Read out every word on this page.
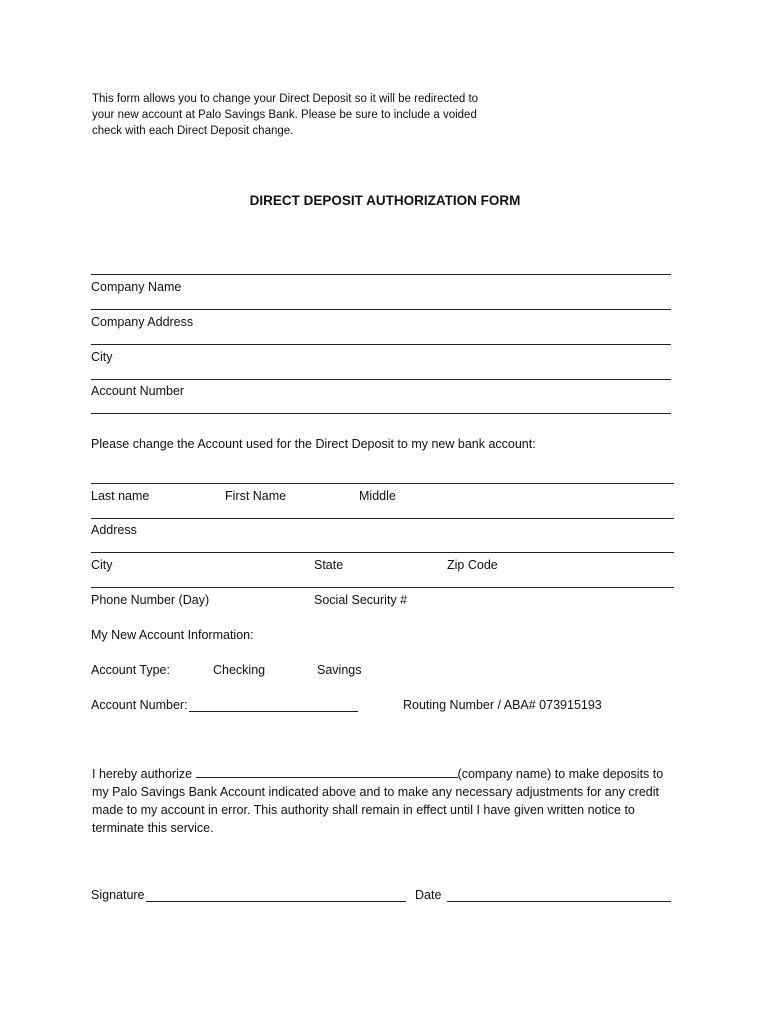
This form allows you to change your Direct Deposit so it will be redirected to
your new account at Palo Savings Bank. Please be sure to include a voided
check with each Direct Deposit change.
DIRECT DEPOSIT AUTHORIZATION FORM
Company Name
Company Address
City
Account Number
Please change the Account used for the Direct Deposit to my new bank account:
Last name	First Name	Middle
Address
City	State	Zip Code
Phone Number (Day)	Social Security #
My New Account Information:
Account Type:	Checking	Savings
Account Number:	Routing Number / ABA# 073915193
I hereby authorize	(company name) to make deposits to
my Palo Savings Bank Account indicated above and to make any necessary adjustments for any credit
made to my account in error. This authority shall remain in effect until I have given written notice to
terminate this service.
Signature	Date
